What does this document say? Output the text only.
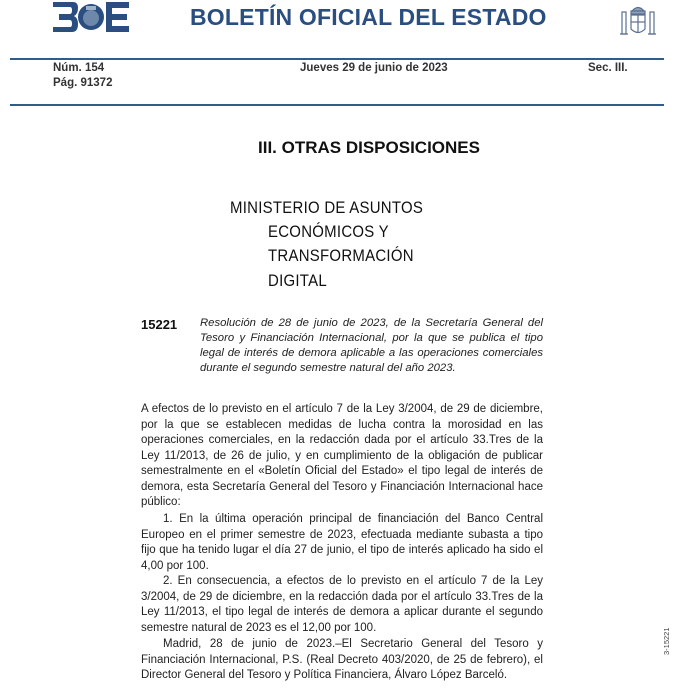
BOLETÍN OFICIAL DEL ESTADO
Núm. 154
Pág. 91372
Jueves 29 de junio de 2023	Sec. III.
III. OTRAS DISPOSICIONES
MINISTERIO DE ASUNTOS
ECONÓMICOS Y
TRANSFORMACIÓN
DIGITAL
15221 Resolución de 28 de junio de 2023, de la Secretaría General del Tesoro y Financiación Internacional, por la que se publica el tipo legal de interés de demora aplicable a las operaciones comerciales durante el segundo semestre natural del año 2023.
A efectos de lo previsto en el artículo 7 de la Ley 3/2004, de 29 de diciembre, por la que se establecen medidas de lucha contra la morosidad en las operaciones comerciales, en la redacción dada por el artículo 33.Tres de la Ley 11/2013, de 26 de julio, y en cumplimiento de la obligación de publicar semestralmente en el «Boletín Oficial del Estado» el tipo legal de interés de demora, esta Secretaría General del Tesoro y Financiación Internacional hace público:
1. En la última operación principal de financiación del Banco Central Europeo en el primer semestre de 2023, efectuada mediante subasta a tipo fijo que ha tenido lugar el día 27 de junio, el tipo de interés aplicado ha sido el 4,00 por 100.
2. En consecuencia, a efectos de lo previsto en el artículo 7 de la Ley 3/2004, de 29 de diciembre, en la redacción dada por el artículo 33.Tres de la Ley 11/2013, el tipo legal de interés de demora a aplicar durante el segundo semestre natural de 2023 es el 12,00 por 100.
Madrid, 28 de junio de 2023.–El Secretario General del Tesoro y Financiación Internacional, P.S. (Real Decreto 403/2020, de 25 de febrero), el Director General del Tesoro y Política Financiera, Álvaro López Barceló.
3-15221
